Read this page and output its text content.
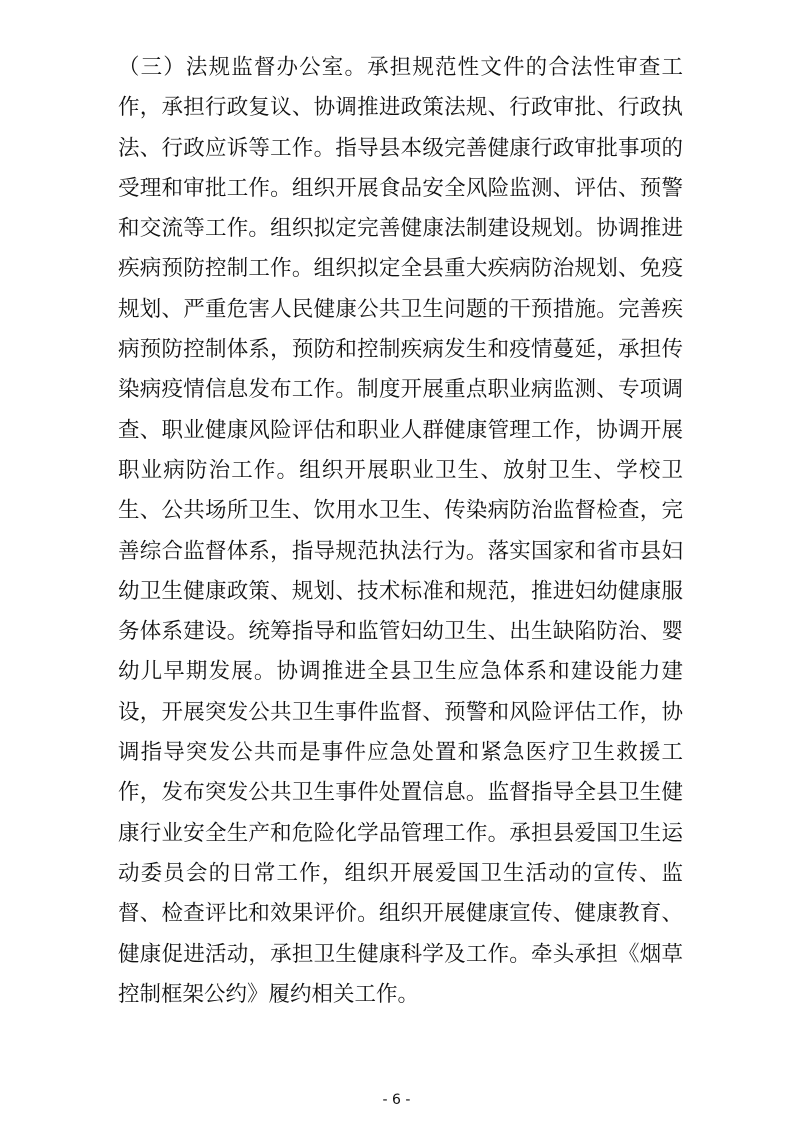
（三）法规监督办公室。承担规范性文件的合法性审查工
作，承担行政复议、协调推进政策法规、行政审批、行政执
法、行政应诉等工作。指导县本级完善健康行政审批事项的
受理和审批工作。组织开展食品安全风险监测、评估、预警
和交流等工作。组织拟定完善健康法制建设规划。协调推进
疾病预防控制工作。组织拟定全县重大疾病防治规划、免疫
规划、严重危害人民健康公共卫生问题的干预措施。完善疾
病预防控制体系，预防和控制疾病发生和疫情蔓延，承担传
染病疫情信息发布工作。制度开展重点职业病监测、专项调
查、职业健康风险评估和职业人群健康管理工作，协调开展
职业病防治工作。组织开展职业卫生、放射卫生、学校卫
生、公共场所卫生、饮用水卫生、传染病防治监督检查，完
善综合监督体系，指导规范执法行为。落实国家和省市县妇
幼卫生健康政策、规划、技术标准和规范，推进妇幼健康服
务体系建设。统筹指导和监管妇幼卫生、出生缺陷防治、婴
幼儿早期发展。协调推进全县卫生应急体系和建设能力建
设，开展突发公共卫生事件监督、预警和风险评估工作，协
调指导突发公共而是事件应急处置和紧急医疗卫生救援工
作，发布突发公共卫生事件处置信息。监督指导全县卫生健
康行业安全生产和危险化学品管理工作。承担县爱国卫生运
动委员会的日常工作，组织开展爱国卫生活动的宣传、监
督、检查评比和效果评价。组织开展健康宣传、健康教育、
健康促进活动，承担卫生健康科学及工作。牵头承担《烟草
控制框架公约》履约相关工作。
- 6 -
